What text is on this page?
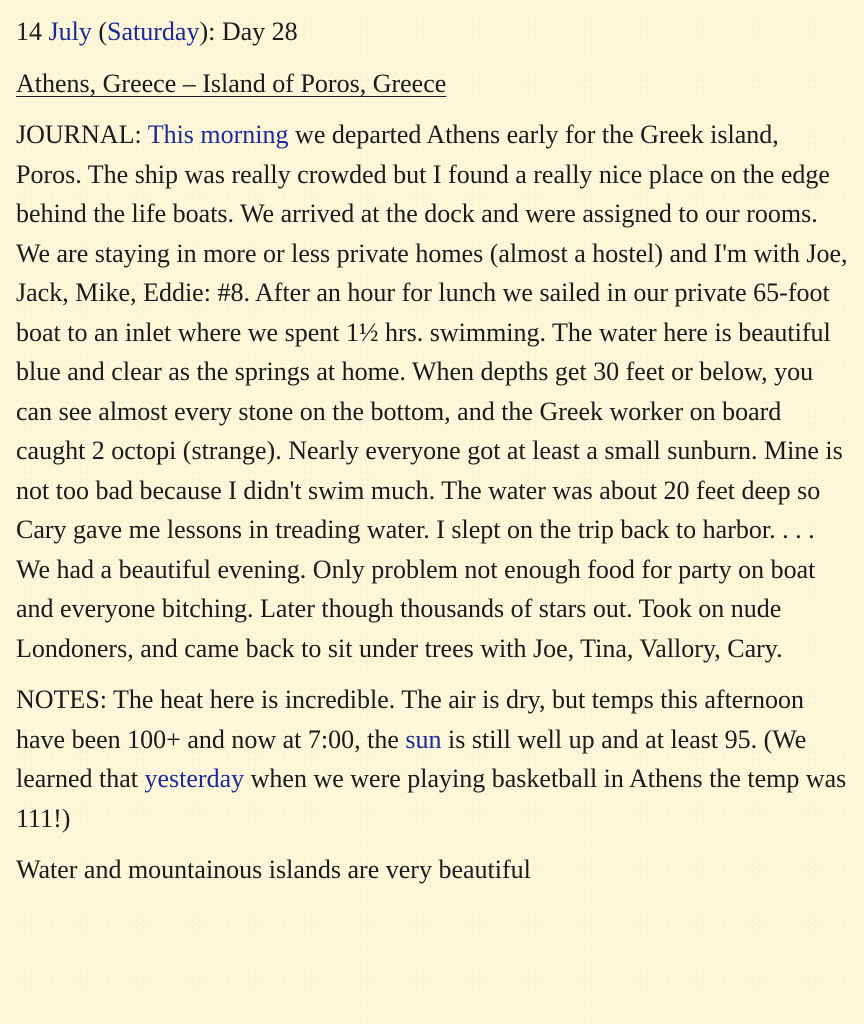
14 July (Saturday): Day 28

Athens, Greece – Island of Poros, Greece

JOURNAL: This morning we departed Athens early for the Greek island, Poros. The ship was really crowded but I found a really nice place on the edge behind the life boats. We arrived at the dock and were assigned to our rooms. We are staying in more or less private homes (almost a hostel) and I'm with Joe, Jack, Mike, Eddie: #8. After an hour for lunch we sailed in our private 65-foot boat to an inlet where we spent 1½ hrs. swimming. The water here is beautiful blue and clear as the springs at home. When depths get 30 feet or below, you can see almost every stone on the bottom, and the Greek worker on board caught 2 octopi (strange). Nearly everyone got at least a small sunburn. Mine is not too bad because I didn't swim much. The water was about 20 feet deep so Cary gave me lessons in treading water. I slept on the trip back to harbor. . . . We had a beautiful evening. Only problem not enough food for party on boat and everyone bitching. Later though thousands of stars out. Took on nude Londoners, and came back to sit under trees with Joe, Tina, Vallory, Cary.

NOTES: The heat here is incredible. The air is dry, but temps this afternoon have been 100+ and now at 7:00, the sun is still well up and at least 95. (We learned that yesterday when we were playing basketball in Athens the temp was 111!)

Water and mountainous islands are very beautiful
